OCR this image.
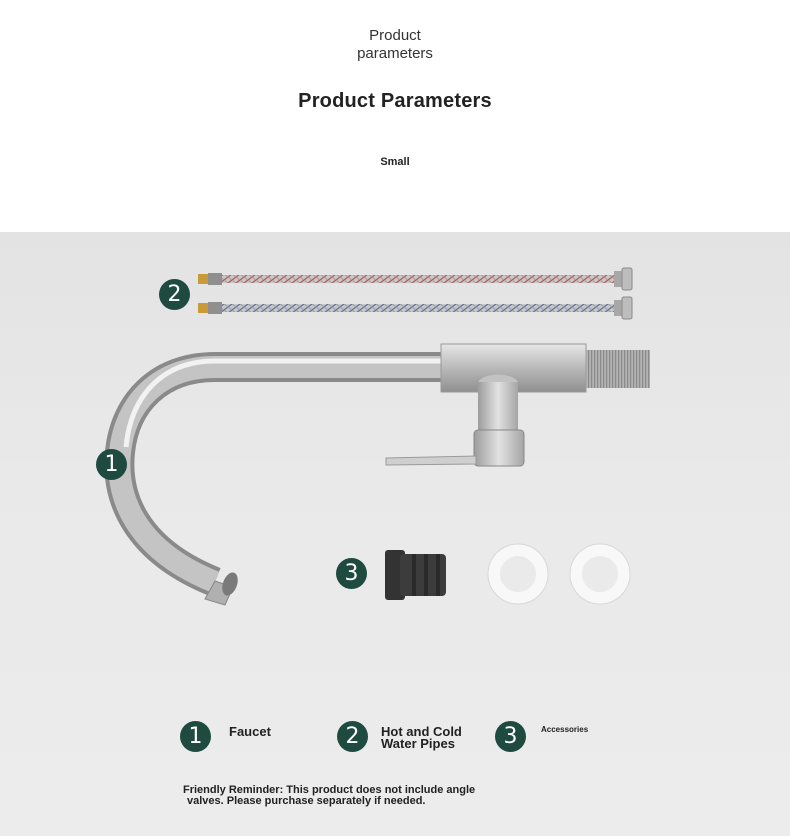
Product
parameters
Product Parameters
Small
2
1
3
1	Faucet	2	Hot and Cold
Water Pipes	3	Accessories
Friendly Reminder: This product does not include angle
valves. Please purchase separately if needed.
